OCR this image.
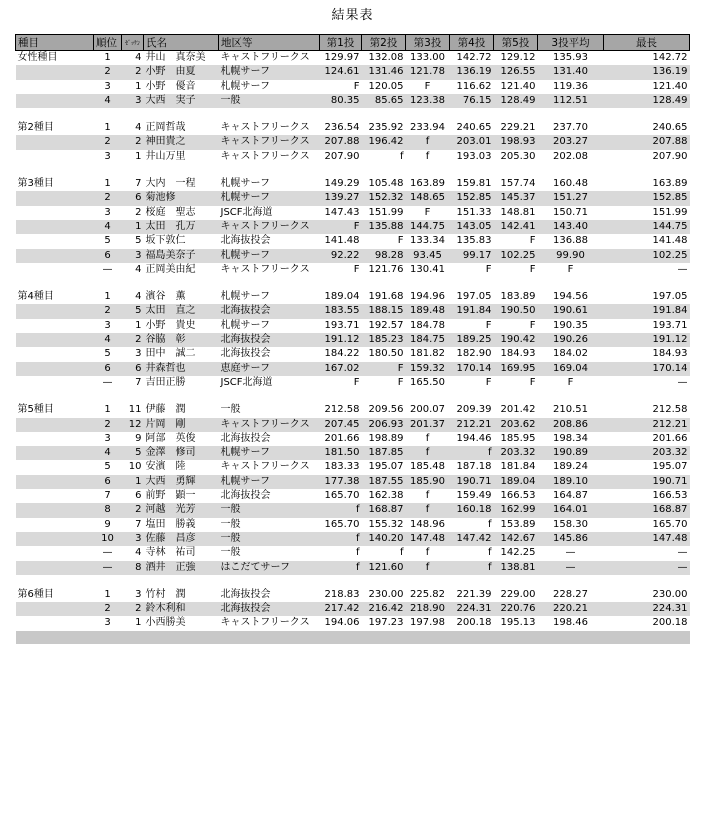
結果表
種目	順位	ｾﾞｯｹﾝ	氏名	地区等	第1投	第2投	第3投	第4投	第5投	3投平均	最長
女性種目	1	4	井山　真奈美	キャストフリークス	129.97	132.08	133.00	142.72	129.12	135.93	142.72
	2	2	小野　由夏	札幌サーフ	124.61	131.46	121.78	136.19	126.55	131.40	136.19
	3	1	小野　優音	札幌サーフ	F	120.05	F	116.62	121.40	119.36	121.40
	4	3	大西　実子	一般	80.35	85.65	123.38	76.15	128.49	112.51	128.49

第2種目	1	4	正岡哲哉	キャストフリークス	236.54	235.92	233.94	240.65	229.21	237.70	240.65
	2	2	神田貴之	キャストフリークス	207.88	196.42	f	203.01	198.93	203.27	207.88
	3	1	井山万里	キャストフリークス	207.90	f	f	193.03	205.30	202.08	207.90

第3種目	1	7	大内　一程	札幌サーフ	149.29	105.48	163.89	159.81	157.74	160.48	163.89
	2	6	菊池修	札幌サーフ	139.27	152.32	148.65	152.85	145.37	151.27	152.85
	3	2	桜庭　聖志	JSCF北海道	147.43	151.99	F	151.33	148.81	150.71	151.99
	4	1	太田　孔万	キャストフリークス	F	135.88	144.75	143.05	142.41	143.40	144.75
	5	5	坂下敦仁	北海抜投会	141.48	F	133.34	135.83	F	136.88	141.48
	6	3	福島美奈子	札幌サーフ	92.22	98.28	93.45	99.17	102.25	99.90	102.25
	—	4	正岡美由紀	キャストフリークス	F	121.76	130.41	F	F	F	—

第4種目	1	4	濱谷　薫	札幌サーフ	189.04	191.68	194.96	197.05	183.89	194.56	197.05
	2	5	太田　直之	北海抜投会	183.55	188.15	189.48	191.84	190.50	190.61	191.84
	3	1	小野　貴史	札幌サーフ	193.71	192.57	184.78	F	F	190.35	193.71
	4	2	谷脇　彰	北海抜投会	191.12	185.23	184.75	189.25	190.42	190.26	191.12
	5	3	田中　誠二	北海抜投会	184.22	180.50	181.82	182.90	184.93	184.02	184.93
	6	6	井森哲也	恵庭サーフ	167.02	F	159.32	170.14	169.95	169.04	170.14
	—	7	吉田正勝	JSCF北海道	F	F	165.50	F	F	F	—

第5種目	1	11	伊藤　潤	一般	212.58	209.56	200.07	209.39	201.42	210.51	212.58
	2	12	片岡　剛	キャストフリークス	207.45	206.93	201.37	212.21	203.62	208.86	212.21
	3	9	阿部　英俊	北海抜投会	201.66	198.89	f	194.46	185.95	198.34	201.66
	4	5	金澤　修司	札幌サーフ	181.50	187.85	f	f	203.32	190.89	203.32
	5	10	安濱　陸	キャストフリークス	183.33	195.07	185.48	187.18	181.84	189.24	195.07
	6	1	大西　勇輝	札幌サーフ	177.38	187.55	185.90	190.71	189.04	189.10	190.71
	7	6	前野　顕一	北海抜投会	165.70	162.38	f	159.49	166.53	164.87	166.53
	8	2	河越　光芳	一般	f	168.87	f	160.18	162.99	164.01	168.87
	9	7	塩田　勝義	一般	165.70	155.32	148.96	f	153.89	158.30	165.70
	10	3	佐藤　昌彦	一般	f	140.20	147.48	147.42	142.67	145.86	147.48
	—	4	寺林　祐司	一般	f	f	f	f	142.25	—	—
	—	8	酒井　正強	はこだてサーフ	f	121.60	f	f	138.81	—	—

第6種目	1	3	竹村　潤	北海抜投会	218.83	230.00	225.82	221.39	229.00	228.27	230.00
	2	2	鈴木利和	北海抜投会	217.42	216.42	218.90	224.31	220.76	220.21	224.31
	3	1	小西勝美	キャストフリークス	194.06	197.23	197.98	200.18	195.13	198.46	200.18
